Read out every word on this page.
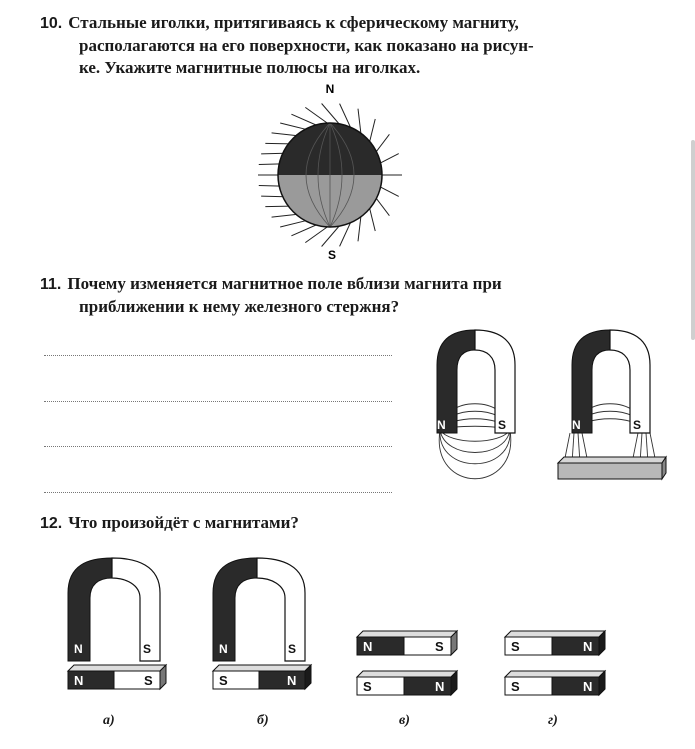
10. Стальные иголки, притягиваясь к сферическому магниту,
располагаются на его поверхности, как показано на рисун-
ке. Укажите магнитные полюсы на иголках.
N
S
11. Почему изменяется магнитное поле вблизи магнита при
приближении к нему железного стержня?
N	S	N	S
12. Что произойдёт с магнитами?
N	S
N	S
N	S
S	N
N	S
S	N
S	N
S	N
а)	б)	в)	г)
